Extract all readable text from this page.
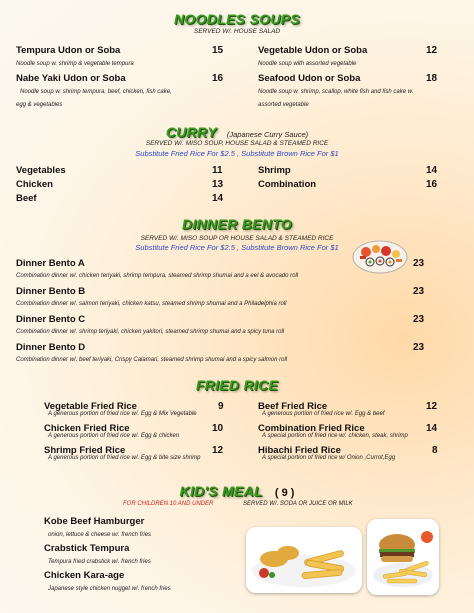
NOODLES SOUPS
SERVED W/. HOUSE SALAD
Tempura Udon or Soba	15
Noodle soup w. shrimp & vegetable tempura
Vegetable Udon or Soba	12
Noodle soup with assorted vegetable
Nabe Yaki Udon or Soba	16
Noodle soup w. shrimp tempura, beef, chicken, fish cake,
egg & vegetables
Seafood Udon or Soba	18
Noodle soup w. shrimp, scallop, white fish and fish cake w.
assorted vegetable
CURRY (Japanese Curry Sauce)
SERVED W/. MISO SOUP, HOUSE SALAD & STEAMED RICE
Substitute Fried Rice For $2.5 , Substitute Brown Rice For $1
Vegetables	11
Chicken	13
Beef	14
Shrimp	14
Combination	16
DINNER BENTO
SERVED W/. MISO SOUP OR HOUSE SALAD & STEAMED RICE
Substitute Fried Rice For $2.5 , Substitute Brown Rice For $1
Dinner Bento A	23
Combination dinner w/. chicken teriyaki, shrimp tempura, steamed shrimp shumai and a eel & avocado roll
Dinner Bento B	23
Combination dinner w/. salmon teriyaki, chicken katsu, steamed shrimp shumai and a Philadelphia roll
Dinner Bento C	23
Combination dinner w/. shrimp teriyaki, chicken yakitori, steamed shrimp shumai and a spicy tuna roll
Dinner Bento D	23
Combination dinner w/. beef teriyaki, Crispy Calamari, steamed shrimp shumai and a spicy salmon roll
FRIED RICE
Vegetable Fried Rice	9
A generous portion of fried rice w/. Egg & Mix Vegetable
Chicken Fried Rice	10
A generous portion of fried rice w/. Egg & chicken
Shrimp Fried Rice	12
A generous portion of fried rice w/. Egg & bite size shrimp
Beef Fried Rice	12
A generous portion of fried rice w/. Egg & beef
Combination Fried Rice	14
A special portion of fried rice w/. chicken, steak, shrimp
Hibachi Fried Rice	8
A special portion of fried rice w/ Onion ,Currot,Egg
KID'S MEAL ( 9 )
FOR CHILDREN 10 AND UNDER	SERVED W/. SODA OR JUICE OR MILK
Kobe Beef Hamburger
onion, lettuce & cheese w/. french fries
Crabstick Tempura
Tempura fried crabstick w/. french fries
Chicken Kara-age
Japanese style chicken nugget w/. french fries
